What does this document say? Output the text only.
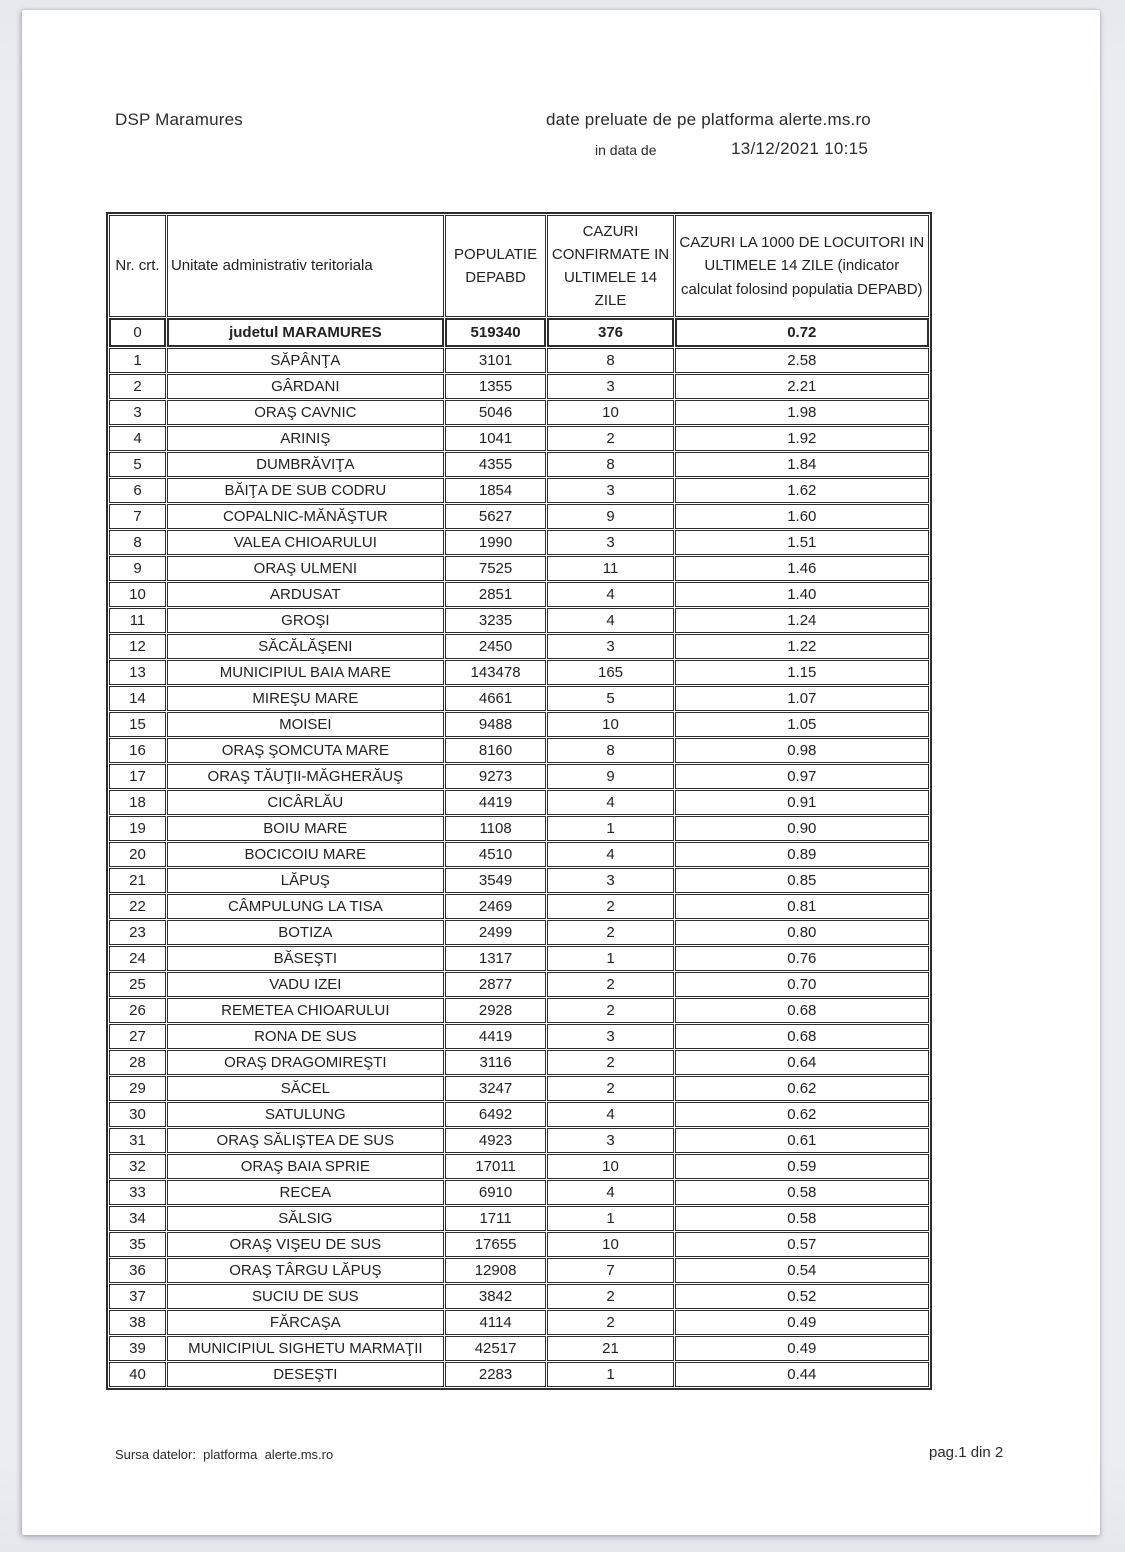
DSP Maramures	date preluate de pe platforma alerte.ms.ro
in data de	13/12/2021 10:15
Nr. crt.	Unitate administrativ teritoriala	POPULATIE DEPABD	CAZURI CONFIRMATE IN ULTIMELE 14 ZILE	CAZURI LA 1000 DE LOCUITORI IN ULTIMELE 14 ZILE (indicator calculat folosind populatia DEPABD)
0	judetul MARAMURES	519340	376	0.72
1	SĂPÂNŢA	3101	8	2.58
2	GÂRDANI	1355	3	2.21
3	ORAŞ CAVNIC	5046	10	1.98
4	ARINIŞ	1041	2	1.92
5	DUMBRĂVIŢA	4355	8	1.84
6	BĂIŢA DE SUB CODRU	1854	3	1.62
7	COPALNIC-MĂNĂŞTUR	5627	9	1.60
8	VALEA CHIOARULUI	1990	3	1.51
9	ORAŞ ULMENI	7525	11	1.46
10	ARDUSAT	2851	4	1.40
11	GROŞI	3235	4	1.24
12	SĂCĂLĂŞENI	2450	3	1.22
13	MUNICIPIUL BAIA MARE	143478	165	1.15
14	MIREŞU MARE	4661	5	1.07
15	MOISEI	9488	10	1.05
16	ORAŞ ŞOMCUTA MARE	8160	8	0.98
17	ORAŞ TĂUŢII-MĂGHERĂUŞ	9273	9	0.97
18	CICÂRLĂU	4419	4	0.91
19	BOIU MARE	1108	1	0.90
20	BOCICOIU MARE	4510	4	0.89
21	LĂPUŞ	3549	3	0.85
22	CÂMPULUNG LA TISA	2469	2	0.81
23	BOTIZA	2499	2	0.80
24	BĂSEŞTI	1317	1	0.76
25	VADU IZEI	2877	2	0.70
26	REMETEA CHIOARULUI	2928	2	0.68
27	RONA DE SUS	4419	3	0.68
28	ORAŞ DRAGOMIREŞTI	3116	2	0.64
29	SĂCEL	3247	2	0.62
30	SATULUNG	6492	4	0.62
31	ORAŞ SĂLIŞTEA DE SUS	4923	3	0.61
32	ORAŞ BAIA SPRIE	17011	10	0.59
33	RECEA	6910	4	0.58
34	SĂLSIG	1711	1	0.58
35	ORAŞ VIŞEU DE SUS	17655	10	0.57
36	ORAŞ TÂRGU LĂPUŞ	12908	7	0.54
37	SUCIU DE SUS	3842	2	0.52
38	FĂRCAŞA	4114	2	0.49
39	MUNICIPIUL SIGHETU MARMAŢII	42517	21	0.49
40	DESEŞTI	2283	1	0.44
Sursa datelor:  platforma  alerte.ms.ro	pag.1 din 2
